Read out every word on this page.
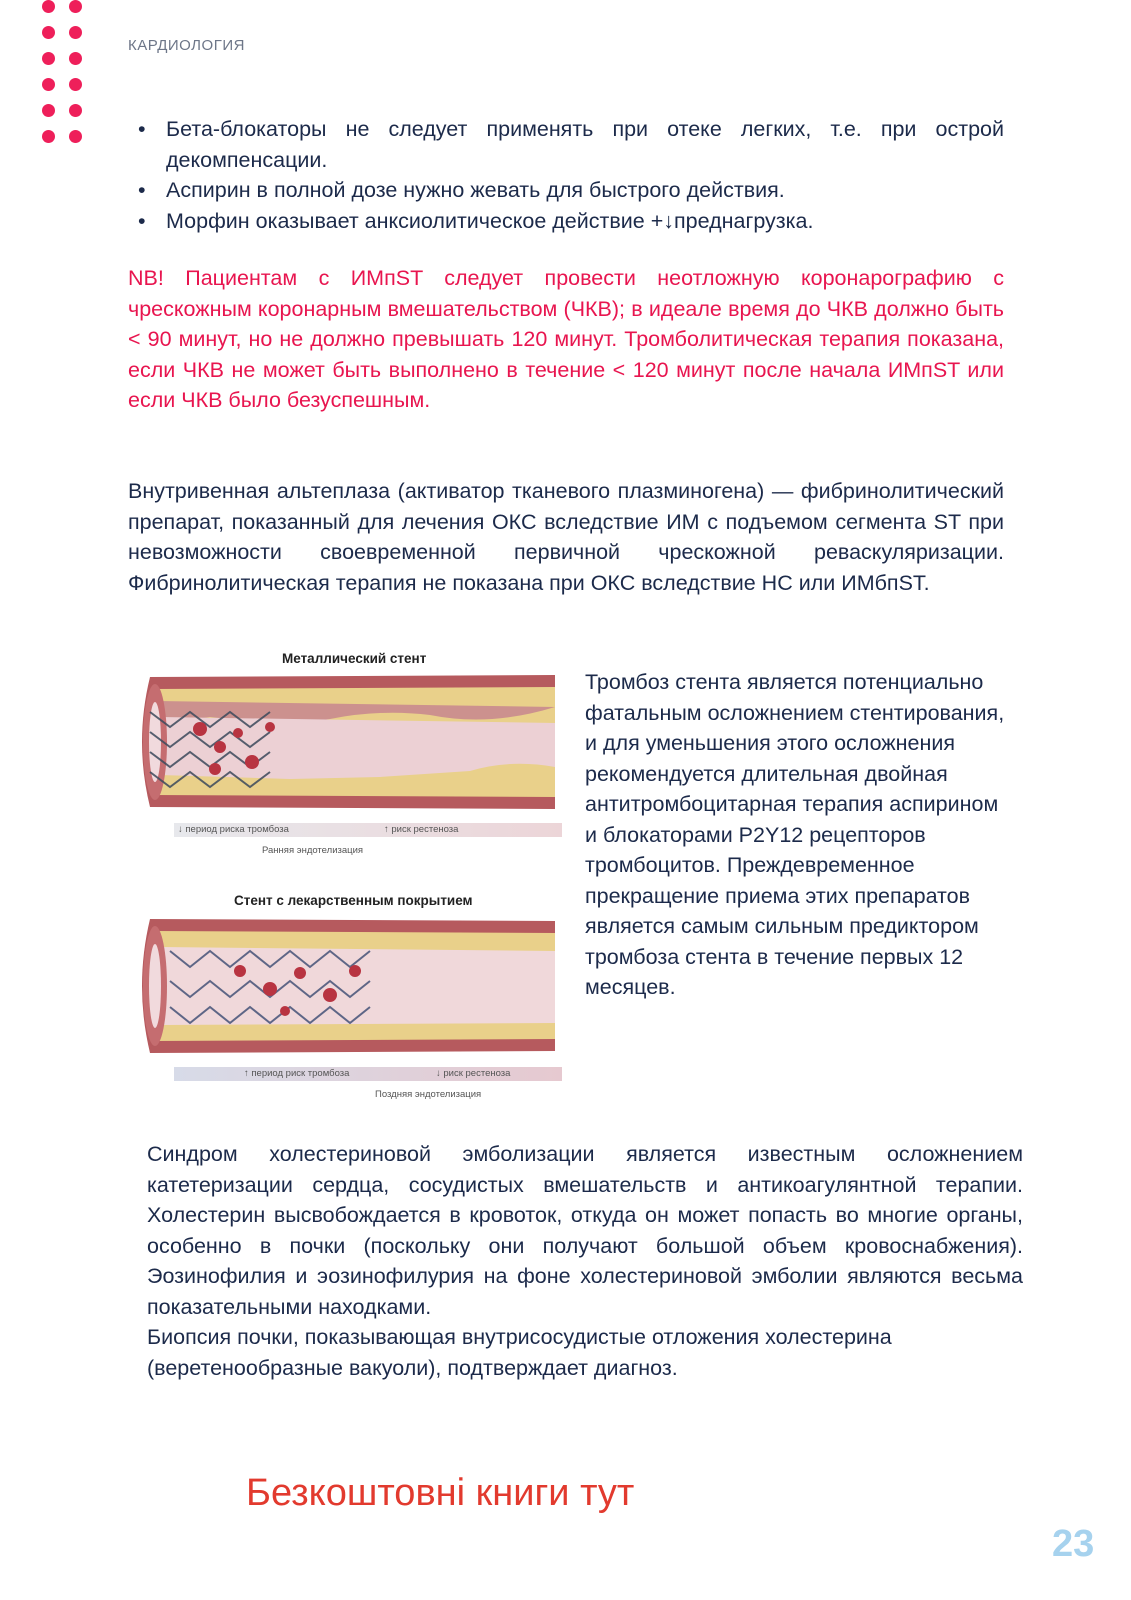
КАРДИОЛОГИЯ
• Бета-блокаторы не следует применять при отеке легких, т.е. при острой декомпенсации.
• Аспирин в полной дозе нужно жевать для быстрого действия.
• Морфин оказывает анксиолитическое действие +↓преднагрузка.

NB! Пациентам с ИМпST следует провести неотложную коронарографию с чрескожным коронарным вмешательством (ЧКВ); в идеале время до ЧКВ должно быть < 90 минут, но не должно превышать 120 минут. Тромболитическая терапия показана, если ЧКВ не может быть выполнено в течение < 120 минут после начала ИМпST или если ЧКВ было безуспешным.

Внутривенная альтеплаза (активатор тканевого плазминогена) — фибринолитический препарат, показанный для лечения ОКС вследствие ИМ с подъемом сегмента ST при невозможности своевременной первичной чрескожной реваскуляризации. Фибринолитическая терапия не показана при ОКС вследствие НС или ИМбпST.

Металлический стент
↓ период риска тромбоза	↑ риск рестеноза
Ранняя эндотелизация
Стент с лекарственным покрытием
↑ период риск тромбоза	↓ риск рестеноза
Поздняя эндотелизация

Тромбоз стента является потенциально фатальным осложнением стентирования, и для уменьшения этого осложнения рекомендуется длительная двойная антитромбоцитарная терапия аспирином и блокаторами P2Y12 рецепторов тромбоцитов. Преждевременное прекращение приема этих препаратов является самым сильным предиктором тромбоза стента в течение первых 12 месяцев.

Синдром холестериновой эмболизации является известным осложнением катетеризации сердца, сосудистых вмешательств и антикоагулянтной терапии. Холестерин высвобождается в кровоток, откуда он может попасть во многие органы, особенно в почки (поскольку они получают большой объем кровоснабжения). Эозинофилия и эозинофилурия на фоне холестериновой эмболии являются весьма показательными находками.
Биопсия почки, показывающая внутрисосудистые отложения холестерина (веретенообразные вакуоли), подтверждает диагноз.
Безкоштовні книги тут
23
